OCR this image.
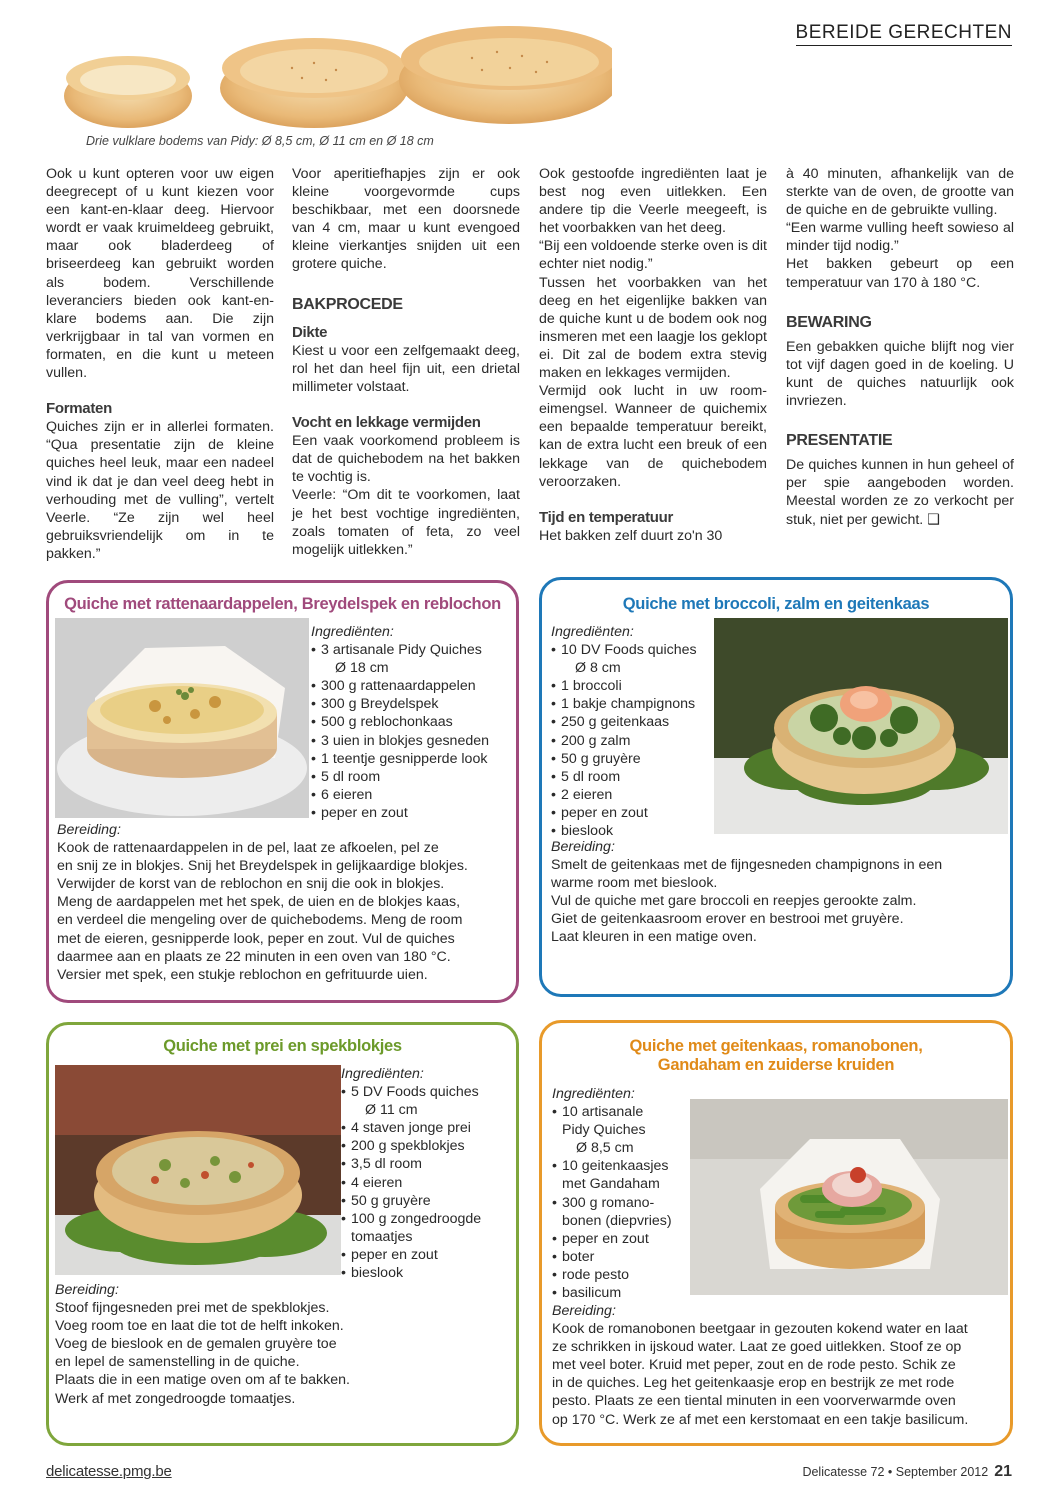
BEREIDE GERECHTEN
Drie vulklare bodems van Pidy: Ø 8,5 cm, Ø 11 cm en Ø 18 cm

Ook u kunt opteren voor uw eigen deegrecept of u kunt kiezen voor een kant-en-klaar deeg. Hiervoor wordt er vaak kruimeldeeg gebruikt, maar ook bladerdeeg of briseerdeeg kan gebruikt worden als bodem. Verschillende leveranciers bieden ook kant-en-klare bodems aan. Die zijn verkrijgbaar in tal van vormen en formaten, en die kunt u meteen vullen.

Formaten

Quiches zijn er in allerlei formaten. “Qua presentatie zijn de kleine quiches heel leuk, maar een nadeel vind ik dat je dan veel deeg hebt in verhouding met de vulling”, vertelt Veerle. “Ze zijn wel heel gebruiksvriendelijk om in te pakken.”

Voor aperitiefhapjes zijn er ook kleine voorgevormde cups beschikbaar, met een doorsnede van 4 cm, maar u kunt evengoed kleine vierkantjes snijden uit een grotere quiche.

BAKPROCEDE

Dikte

Kiest u voor een zelfgemaakt deeg, rol het dan heel fijn uit, een drietal millimeter volstaat.

Vocht en lekkage vermijden

Een vaak voorkomend probleem is dat de quichebodem na het bakken te vochtig is.

Veerle: “Om dit te voorkomen, laat je het best vochtige ingrediënten, zoals tomaten of feta, zo veel mogelijk uitlekken.”

Ook gestoofde ingrediënten laat je best nog even uitlekken. Een andere tip die Veerle meegeeft, is het voorbakken van het deeg.

“Bij een voldoende sterke oven is dit echter niet nodig.”

Tussen het voorbakken van het deeg en het eigenlijke bakken van de quiche kunt u de bodem ook nog insmeren met een laagje los geklopt ei. Dit zal de bodem extra stevig maken en lekkages vermijden.

Vermijd ook lucht in uw room-eimengsel. Wanneer de quichemix een bepaalde temperatuur bereikt, kan de extra lucht een breuk of een lekkage van de quichebodem veroorzaken.

Tijd en temperatuur

Het bakken zelf duurt zo'n 30

à 40 minuten, afhankelijk van de sterkte van de oven, de grootte van de quiche en de gebruikte vulling.

“Een warme vulling heeft sowieso al minder tijd nodig.”

Het bakken gebeurt op een temperatuur van 170 à 180 °C.

BEWARING

Een gebakken quiche blijft nog vier tot vijf dagen goed in de koeling. U kunt de quiches natuurlijk ook invriezen.

PRESENTATIE

De quiches kunnen in hun geheel of per spie aangeboden worden. Meestal worden ze zo verkocht per stuk, niet per gewicht. ❑

Quiche met rattenaardappelen, Breydelspek en reblochon
Ingrediënten:
• 3 artisanale Pidy Quiches
Ø 18 cm
• 300 g rattenaardappelen
• 300 g Breydelspek
• 500 g reblochonkaas
• 3 uien in blokjes gesneden
• 1 teentje gesnipperde look
• 5 dl room
• 6 eieren
• peper en zout
Bereiding:

Kook de rattenaardappelen in de pel, laat ze afkoelen, pel ze

en snij ze in blokjes. Snij het Breydelspek in gelijkaardige blokjes.

Verwijder de korst van de reblochon en snij die ook in blokjes.

Meng de aardappelen met het spek, de uien en de blokjes kaas,

en verdeel die mengeling over de quichebodems. Meng de room

met de eieren, gesnipperde look, peper en zout. Vul de quiches

daarmee aan en plaats ze 22 minuten in een oven van 180 °C.

Versier met spek, een stukje reblochon en gefrituurde uien.

Quiche met broccoli, zalm en geitenkaas
Ingrediënten:
• 10 DV Foods quiches
Ø 8 cm
• 1 broccoli
• 1 bakje champignons
• 250 g geitenkaas
• 200 g zalm
• 50 g gruyère
• 5 dl room
• 2 eieren
• peper en zout
• bieslook
Bereiding:

Smelt de geitenkaas met de fijngesneden champignons in een

warme room met bieslook.

Vul de quiche met gare broccoli en reepjes gerookte zalm.

Giet de geitenkaasroom erover en bestrooi met gruyère.

Laat kleuren in een matige oven.

Quiche met prei en spekblokjes
Ingrediënten:
• 5 DV Foods quiches
Ø 11 cm
• 4 staven jonge prei
• 200 g spekblokjes
• 3,5 dl room
• 4 eieren
• 50 g gruyère
• 100 g zongedroogde
tomaatjes
• peper en zout
• bieslook
Bereiding:

Stoof fijngesneden prei met de spekblokjes.

Voeg room toe en laat die tot de helft inkoken.

Voeg de bieslook en de gemalen gruyère toe

en lepel de samenstelling in de quiche.

Plaats die in een matige oven om af te bakken.

Werk af met zongedroogde tomaatjes.

Quiche met geitenkaas, romanobonen,
Gandaham en zuiderse kruiden
Ingrediënten:
• 10 artisanale
Pidy Quiches
Ø 8,5 cm
• 10 geitenkaasjes
met Gandaham
• 300 g romano-
bonen (diepvries)
• peper en zout
• boter
• rode pesto
• basilicum
Bereiding:

Kook de romanobonen beetgaar in gezouten kokend water en laat

ze schrikken in ijskoud water. Laat ze goed uitlekken. Stoof ze op

met veel boter. Kruid met peper, zout en de rode pesto. Schik ze

in de quiches. Leg het geitenkaasje erop en bestrijk ze met rode

pesto. Plaats ze een tiental minuten in een voorverwarmde oven

op 170 °C. Werk ze af met een kerstomaat en een takje basilicum.

delicatesse.pmg.be	Delicatesse 72 • September 2012 21
